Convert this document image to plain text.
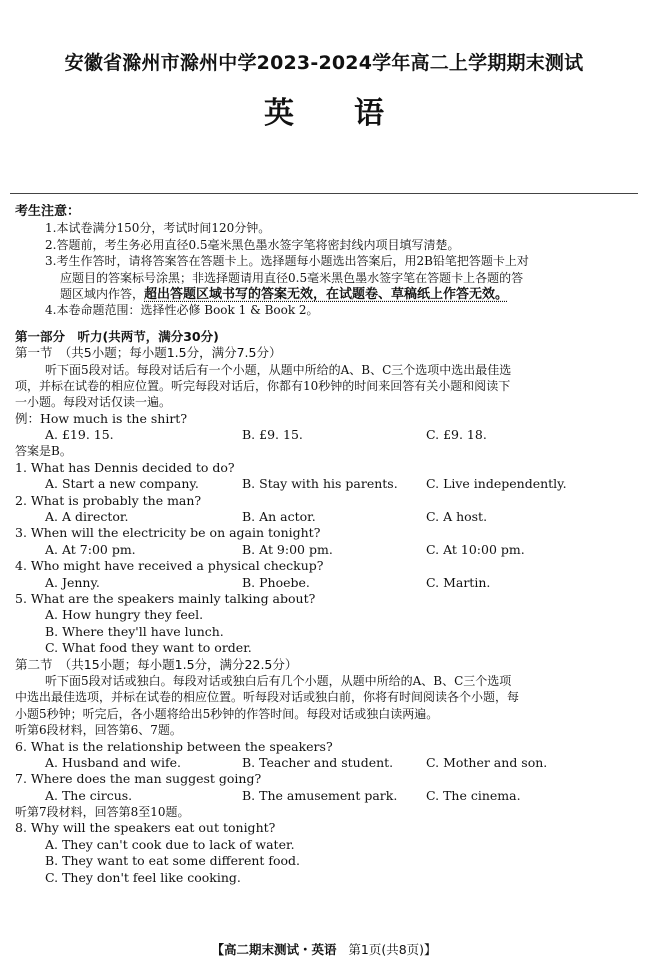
安徽省滁州市滁州中学2023-2024学年高二上学期期末测试
英 语
考生注意：
1.本试卷满分150分，考试时间120分钟。
2.答题前，考生务必用直径0.5毫米黑色墨水签字笔将密封线内项目填写清楚。
3.考生作答时，请将答案答在答题卡上。选择题每小题选出答案后，用2B铅笔把答题卡上对
应题目的答案标号涂黑；非选择题请用直径0.5毫米黑色墨水签字笔在答题卡上各题的答
题区域内作答，超出答题区域书写的答案无效，在试题卷、草稿纸上作答无效。
4.本卷命题范围：选择性必修 Book 1 & Book 2。
第一部分　听力(共两节，满分30分)
第一节　（共5小题；每小题1.5分，满分7.5分）
听下面5段对话。每段对话后有一个小题，从题中所给的A、B、C三个选项中选出最佳选
项，并标在试卷的相应位置。听完每段对话后，你都有10秒钟的时间来回答有关小题和阅读下
一小题。每段对话仅读一遍。
例：How much is the shirt?
A. £19. 15.	B. £9. 15.	C. £9. 18.
答案是B。
1. What has Dennis decided to do?
A. Start a new company.	B. Stay with his parents.	C. Live independently.
2. What is probably the man?
A. A director.	B. An actor.	C. A host.
3. When will the electricity be on again tonight?
A. At 7:00 pm.	B. At 9:00 pm.	C. At 10:00 pm.
4. Who might have received a physical checkup?
A. Jenny.	B. Phoebe.	C. Martin.
5. What are the speakers mainly talking about?
A. How hungry they feel.
B. Where they'll have lunch.
C. What food they want to order.
第二节　（共15小题；每小题1.5分，满分22.5分）
听下面5段对话或独白。每段对话或独白后有几个小题，从题中所给的A、B、C三个选项
中选出最佳选项，并标在试卷的相应位置。听每段对话或独白前，你将有时间阅读各个小题，每
小题5秒钟；听完后，各小题将给出5秒钟的作答时间。每段对话或独白读两遍。
听第6段材料，回答第6、7题。
6. What is the relationship between the speakers?
A. Husband and wife.	B. Teacher and student.	C. Mother and son.
7. Where does the man suggest going?
A. The circus.	B. The amusement park.	C. The cinema.
听第7段材料，回答第8至10题。
8. Why will the speakers eat out tonight?
A. They can't cook due to lack of water.
B. They want to eat some different food.
C. They don't feel like cooking.
【高二期末测试・英语 第1页(共8页)】
